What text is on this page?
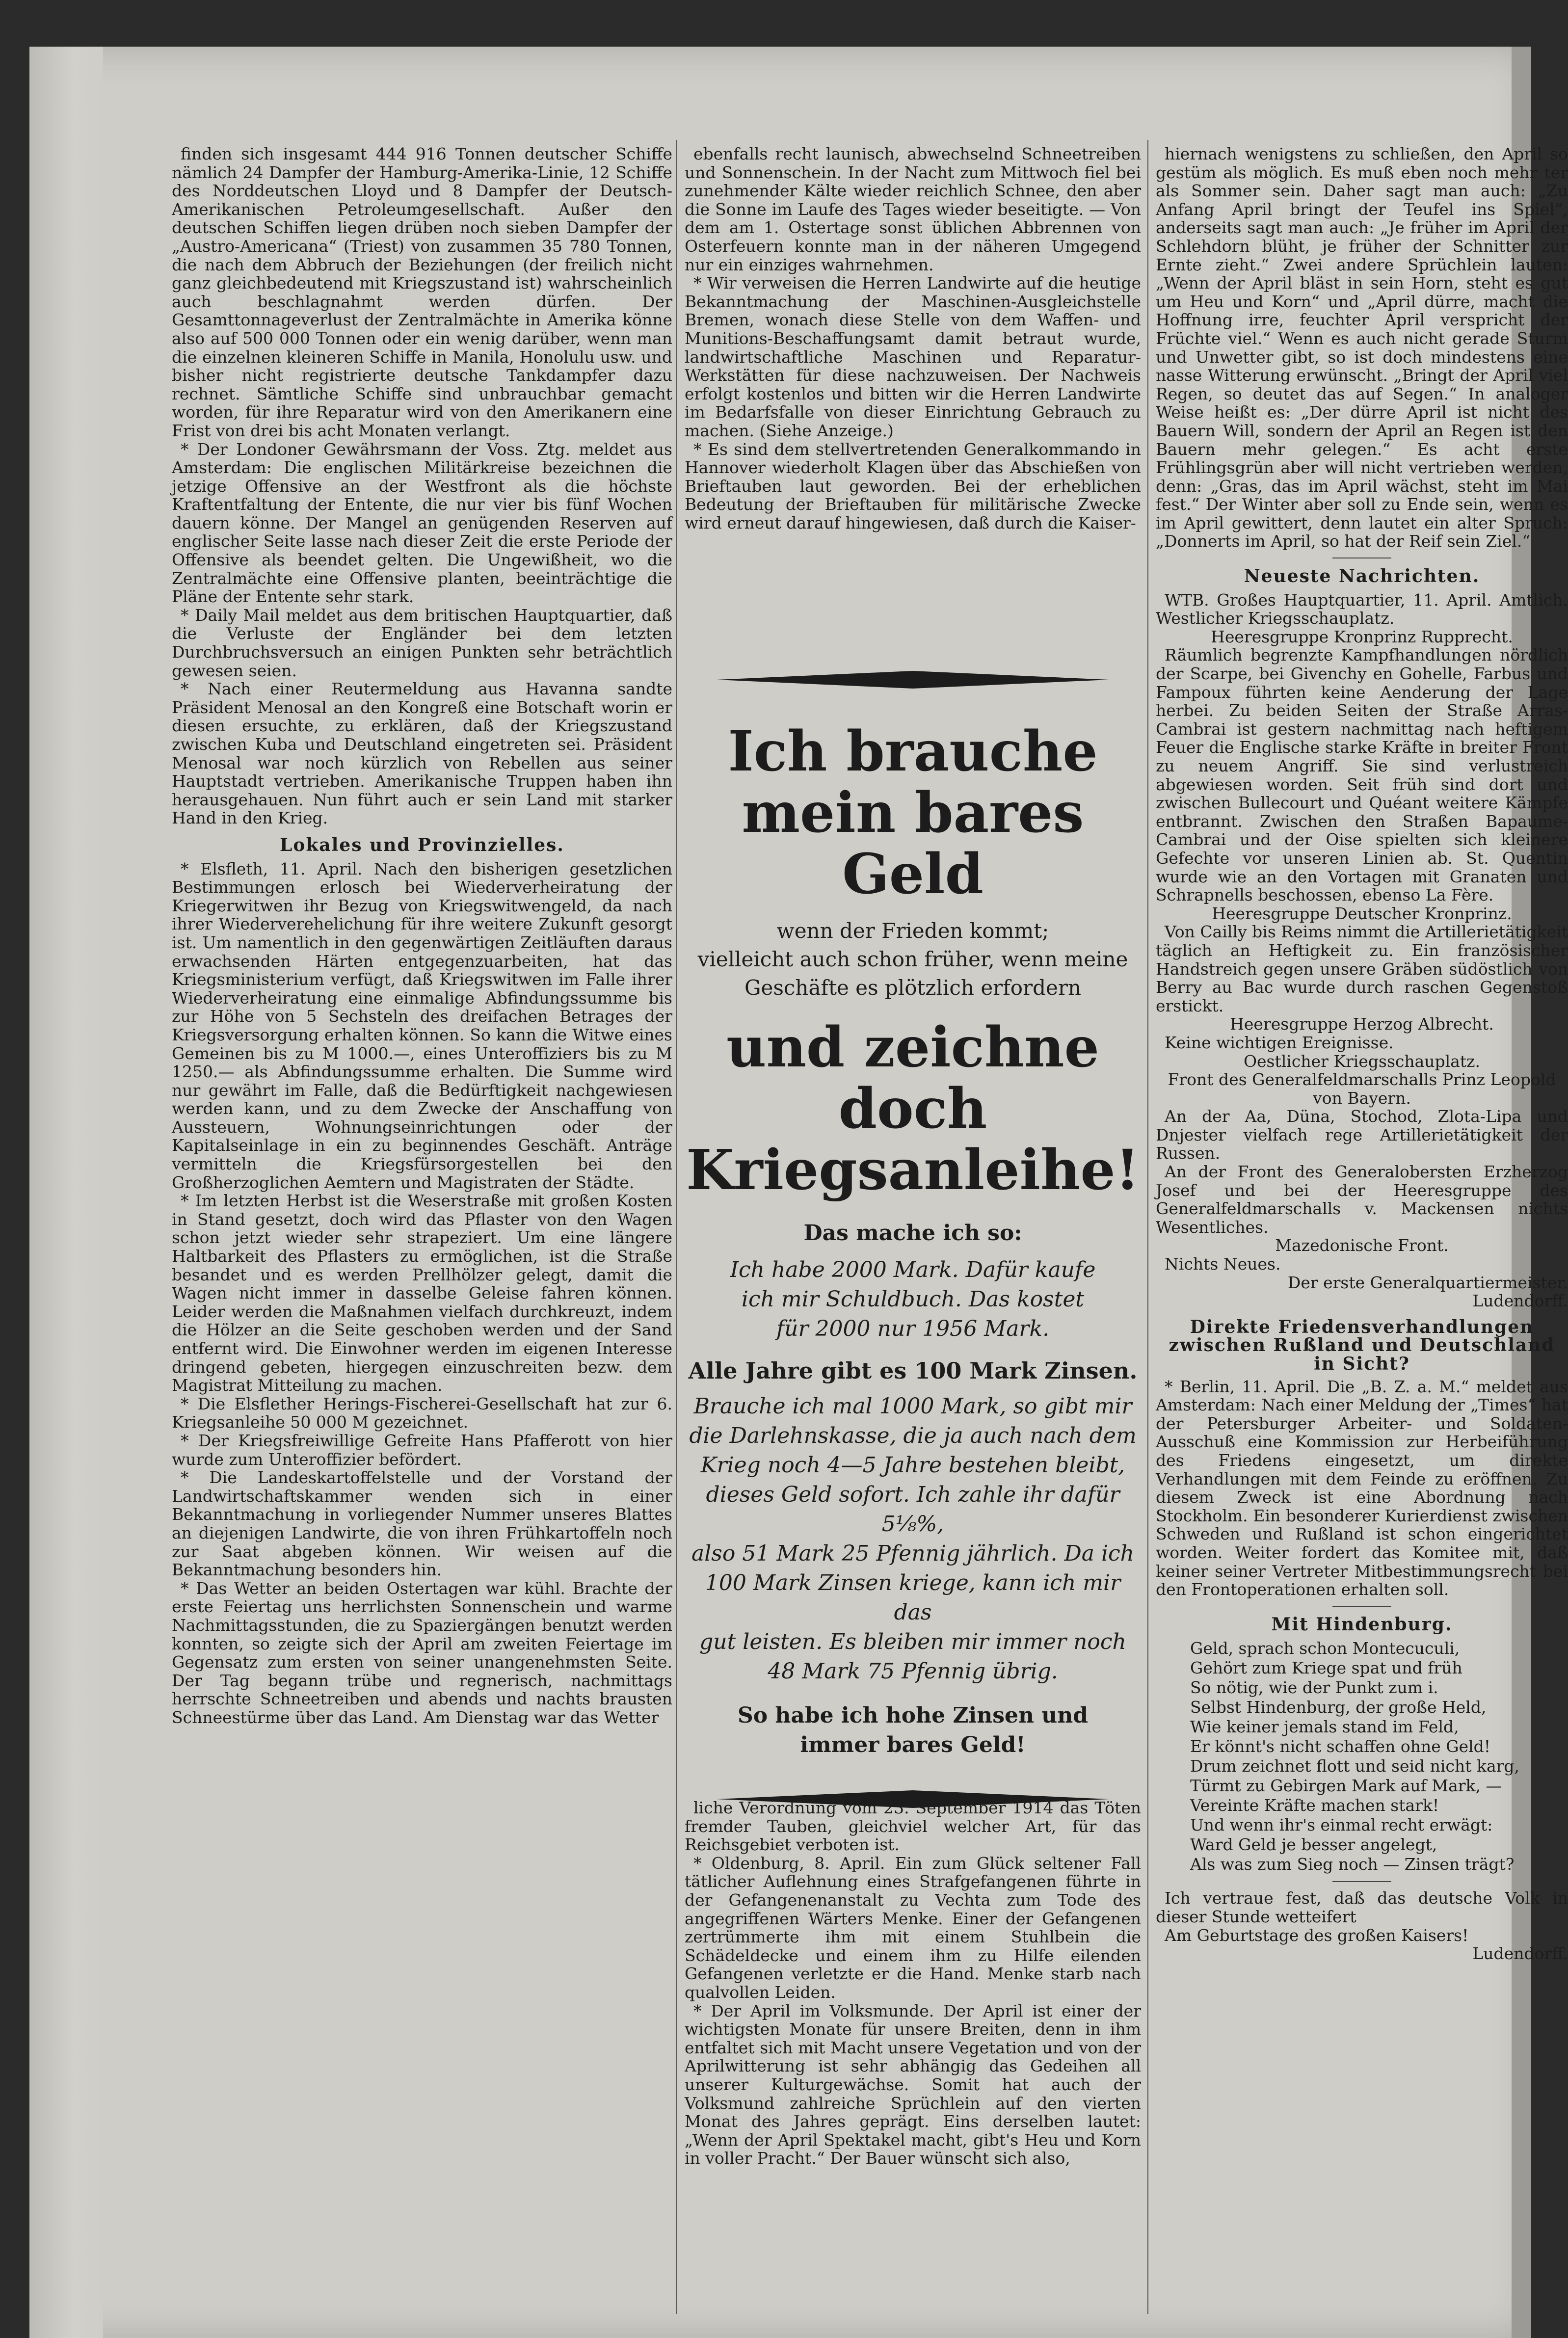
finden sich insgesamt 444 916 Tonnen deutscher Schiffe nämlich 24 Dampfer der Hamburg-Amerika-Linie, 12 Schiffe des Norddeutschen Lloyd und 8 Dampfer der Deutsch-Amerikanischen Petroleumgesellschaft. Außer den deutschen Schiffen liegen drüben noch sieben Dampfer der „Austro-Americana“ (Triest) von zusammen 35 780 Tonnen, die nach dem Abbruch der Beziehungen (der freilich nicht ganz gleichbedeutend mit Kriegszustand ist) wahrscheinlich auch beschlagnahmt werden dürfen. Der Gesamttonnageverlust der Zentralmächte in Amerika könne also auf 500 000 Tonnen oder ein wenig darüber, wenn man die einzelnen kleineren Schiffe in Manila, Honolulu usw. und bisher nicht registrierte deutsche Tankdampfer dazu rechnet. Sämtliche Schiffe sind unbrauchbar gemacht worden, für ihre Reparatur wird von den Amerikanern eine Frist von drei bis acht Monaten verlangt.

* Der Londoner Gewährsmann der Voss. Ztg. meldet aus Amsterdam: Die englischen Militärkreise bezeichnen die jetzige Offensive an der Westfront als die höchste Kraftentfaltung der Entente, die nur vier bis fünf Wochen dauern könne. Der Mangel an genügenden Reserven auf englischer Seite lasse nach dieser Zeit die erste Periode der Offensive als beendet gelten. Die Ungewißheit, wo die Zentralmächte eine Offensive planten, beeinträchtige die Pläne der Entente sehr stark.

* Daily Mail meldet aus dem britischen Hauptquartier, daß die Verluste der Engländer bei dem letzten Durchbruchsversuch an einigen Punkten sehr beträchtlich gewesen seien.

* Nach einer Reutermeldung aus Havanna sandte Präsident Menosal an den Kongreß eine Botschaft worin er diesen ersuchte, zu erklären, daß der Kriegszustand zwischen Kuba und Deutschland eingetreten sei. Präsident Menosal war noch kürzlich von Rebellen aus seiner Hauptstadt vertrieben. Amerikanische Truppen haben ihn herausgehauen. Nun führt auch er sein Land mit starker Hand in den Krieg.

Lokales und Provinzielles.

* Elsfleth, 11. April. Nach den bisherigen gesetzlichen Bestimmungen erlosch bei Wiederverheiratung der Kriegerwitwen ihr Bezug von Kriegswitwengeld, da nach ihrer Wiederverehelichung für ihre weitere Zukunft gesorgt ist. Um namentlich in den gegenwärtigen Zeitläuften daraus erwachsenden Härten entgegenzuarbeiten, hat das Kriegsministerium verfügt, daß Kriegswitwen im Falle ihrer Wiederverheiratung eine einmalige Abfindungssumme bis zur Höhe von 5 Sechsteln des dreifachen Betrages der Kriegsversorgung erhalten können. So kann die Witwe eines Gemeinen bis zu M 1000.—, eines Unteroffiziers bis zu M 1250.— als Abfindungssumme erhalten. Die Summe wird nur gewährt im Falle, daß die Bedürftigkeit nachgewiesen werden kann, und zu dem Zwecke der Anschaffung von Aussteuern, Wohnungseinrichtungen oder der Kapitalseinlage in ein zu beginnendes Geschäft. Anträge vermitteln die Kriegsfürsorgestellen bei den Großherzoglichen Aemtern und Magistraten der Städte.

* Im letzten Herbst ist die Weserstraße mit großen Kosten in Stand gesetzt, doch wird das Pflaster von den Wagen schon jetzt wieder sehr strapeziert. Um eine längere Haltbarkeit des Pflasters zu ermöglichen, ist die Straße besandet und es werden Prellhölzer gelegt, damit die Wagen nicht immer in dasselbe Geleise fahren können. Leider werden die Maßnahmen vielfach durchkreuzt, indem die Hölzer an die Seite geschoben werden und der Sand entfernt wird. Die Einwohner werden im eigenen Interesse dringend gebeten, hiergegen einzuschreiten bezw. dem Magistrat Mitteilung zu machen.

* Die Elsflether Herings-Fischerei-Gesellschaft hat zur 6. Kriegsanleihe 50 000 M gezeichnet.

* Der Kriegsfreiwillige Gefreite Hans Pfafferott von hier wurde zum Unteroffizier befördert.

* Die Landeskartoffelstelle und der Vorstand der Landwirtschaftskammer wenden sich in einer Bekanntmachung in vorliegender Nummer unseres Blattes an diejenigen Landwirte, die von ihren Frühkartoffeln noch zur Saat abgeben können. Wir weisen auf die Bekanntmachung besonders hin.

* Das Wetter an beiden Ostertagen war kühl. Brachte der erste Feiertag uns herrlichsten Sonnenschein und warme Nachmittagsstunden, die zu Spaziergängen benutzt werden konnten, so zeigte sich der April am zweiten Feiertage im Gegensatz zum ersten von seiner unangenehmsten Seite. Der Tag begann trübe und regnerisch, nachmittags herrschte Schneetreiben und abends und nachts brausten Schneestürme über das Land. Am Dienstag war das Wetter

ebenfalls recht launisch, abwechselnd Schneetreiben und Sonnenschein. In der Nacht zum Mittwoch fiel bei zunehmender Kälte wieder reichlich Schnee, den aber die Sonne im Laufe des Tages wieder beseitigte. — Von dem am 1. Ostertage sonst üblichen Abbrennen von Osterfeuern konnte man in der näheren Umgegend nur ein einziges wahrnehmen.

* Wir verweisen die Herren Landwirte auf die heutige Bekanntmachung der Maschinen-Ausgleichstelle Bremen, wonach diese Stelle von dem Waffen- und Munitions-Beschaffungsamt damit betraut wurde, landwirtschaftliche Maschinen und Reparatur-Werkstätten für diese nachzuweisen. Der Nachweis erfolgt kostenlos und bitten wir die Herren Landwirte im Bedarfsfalle von dieser Einrichtung Gebrauch zu machen. (Siehe Anzeige.)

* Es sind dem stellvertretenden Generalkommando in Hannover wiederholt Klagen über das Abschießen von Brieftauben laut geworden. Bei der erheblichen Bedeutung der Brieftauben für militärische Zwecke wird erneut darauf hingewiesen, daß durch die Kaiser-

Ich brauche

mein bares Geld

wenn der Frieden kommt;

vielleicht auch schon früher, wenn meine

Geschäfte es plötzlich erfordern

und zeichne doch

Kriegsanleihe!

Das mache ich so:

Ich habe 2000 Mark. Dafür kaufe

ich mir Schuldbuch. Das kostet

für 2000 nur 1956 Mark.

Alle Jahre gibt es 100 Mark Zinsen.

Brauche ich mal 1000 Mark, so gibt mir

die Darlehnskasse, die ja auch nach dem

Krieg noch 4—5 Jahre bestehen bleibt,

dieses Geld sofort. Ich zahle ihr dafür 5⅛%,

also 51 Mark 25 Pfennig jährlich. Da ich

100 Mark Zinsen kriege, kann ich mir das

gut leisten. Es bleiben mir immer noch

48 Mark 75 Pfennig übrig.

So habe ich hohe Zinsen und

immer bares Geld!

liche Verordnung vom 23. September 1914 das Töten fremder Tauben, gleichviel welcher Art, für das Reichsgebiet verboten ist.

* Oldenburg, 8. April. Ein zum Glück seltener Fall tätlicher Auflehnung eines Strafgefangenen führte in der Gefangenenanstalt zu Vechta zum Tode des angegriffenen Wärters Menke. Einer der Gefangenen zertrümmerte ihm mit einem Stuhlbein die Schädeldecke und einem ihm zu Hilfe eilenden Gefangenen verletzte er die Hand. Menke starb nach qualvollen Leiden.

* Der April im Volksmunde. Der April ist einer der wichtigsten Monate für unsere Breiten, denn in ihm entfaltet sich mit Macht unsere Vegetation und von der Aprilwitterung ist sehr abhängig das Gedeihen all unserer Kulturgewächse. Somit hat auch der Volksmund zahlreiche Sprüchlein auf den vierten Monat des Jahres geprägt. Eins derselben lautet: „Wenn der April Spektakel macht, gibt's Heu und Korn in voller Pracht.“ Der Bauer wünscht sich also,

hiernach wenigstens zu schließen, den April so gestüm als möglich. Es muß eben noch mehr ter als Sommer sein. Daher sagt man auch: „Zu Anfang April bringt der Teufel ins Spiel“, anderseits sagt man auch: „Je früher im April der Schlehdorn blüht, je früher der Schnitter zur Ernte zieht.“ Zwei andere Sprüchlein lauten: „Wenn der April bläst in sein Horn, steht es gut um Heu und Korn“ und „April dürre, macht die Hoffnung irre, feuchter April verspricht der Früchte viel.“ Wenn es auch nicht gerade Sturm und Unwetter gibt, so ist doch mindestens eine nasse Witterung erwünscht. „Bringt der April viel Regen, so deutet das auf Segen.“ In analoger Weise heißt es: „Der dürre April ist nicht des Bauern Will, sondern der April an Regen ist den Bauern mehr gelegen.“ Es acht erste Frühlingsgrün aber will nicht vertrieben werden, denn: „Gras, das im April wächst, steht im Mai fest.“ Der Winter aber soll zu Ende sein, wenn es im April gewittert, denn lautet ein alter Spruch: „Donnerts im April, so hat der Reif sein Ziel.“

Neueste Nachrichten.

WTB. Großes Hauptquartier, 11. April. Amtlich. Westlicher Kriegsschauplatz.

Heeresgruppe Kronprinz Rupprecht.

Räumlich begrenzte Kampfhandlungen nördlich der Scarpe, bei Givenchy en Gohelle, Farbus und Fampoux führten keine Aenderung der Lage herbei. Zu beiden Seiten der Straße Arras-Cambrai ist gestern nachmittag nach heftigem Feuer die Englische starke Kräfte in breiter Front zu neuem Angriff. Sie sind verlustreich abgewiesen worden. Seit früh sind dort und zwischen Bullecourt und Quéant weitere Kämpfe entbrannt. Zwischen den Straßen Bapaume-Cambrai und der Oise spielten sich kleinere Gefechte vor unseren Linien ab. St. Quentin wurde wie an den Vortagen mit Granaten und Schrapnells beschossen, ebenso La Fère.

Heeresgruppe Deutscher Kronprinz.

Von Cailly bis Reims nimmt die Artillerietätigkeit täglich an Heftigkeit zu. Ein französischer Handstreich gegen unsere Gräben südöstlich von Berry au Bac wurde durch raschen Gegenstoß erstickt.

Heeresgruppe Herzog Albrecht.

Keine wichtigen Ereignisse.

Oestlicher Kriegsschauplatz.

Front des Generalfeldmarschalls Prinz Leopold von Bayern.

An der Aa, Düna, Stochod, Zlota-Lipa und Dnjester vielfach rege Artillerietätigkeit der Russen.

An der Front des Generalobersten Erzherzog Josef und bei der Heeresgruppe des Generalfeldmarschalls v. Mackensen nichts Wesentliches.

Mazedonische Front.

Nichts Neues.

Der erste Generalquartiermeister.

Ludendorff.

Direkte Friedensverhandlungen
zwischen Rußland und Deutschland in Sicht?

* Berlin, 11. April. Die „B. Z. a. M.“ meldet aus Amsterdam: Nach einer Meldung der „Times“ hat der Petersburger Arbeiter- und Soldaten-Ausschuß eine Kommission zur Herbeiführung des Friedens eingesetzt, um direkte Verhandlungen mit dem Feinde zu eröffnen. Zu diesem Zweck ist eine Abordnung nach Stockholm. Ein besonderer Kurierdienst zwischen Schweden und Rußland ist schon eingerichtet worden. Weiter fordert das Komitee mit, daß keiner seiner Vertreter Mitbestimmungsrecht bei den Frontoperationen erhalten soll.

Mit Hindenburg.
Geld, sprach schon Montecuculi,
Gehört zum Kriege spat und früh
So nötig, wie der Punkt zum i.
Selbst Hindenburg, der große Held,
Wie keiner jemals stand im Feld,
Er könnt's nicht schaffen ohne Geld!
Drum zeichnet flott und seid nicht karg,
Türmt zu Gebirgen Mark auf Mark, —
Vereinte Kräfte machen stark!
Und wenn ihr's einmal recht erwägt:
Ward Geld je besser angelegt,
Als was zum Sieg noch — Zinsen trägt?

Ich vertraue fest, daß das deutsche Volk in dieser Stunde wetteifert

Am Geburtstage des großen Kaisers!

Ludendorff.
